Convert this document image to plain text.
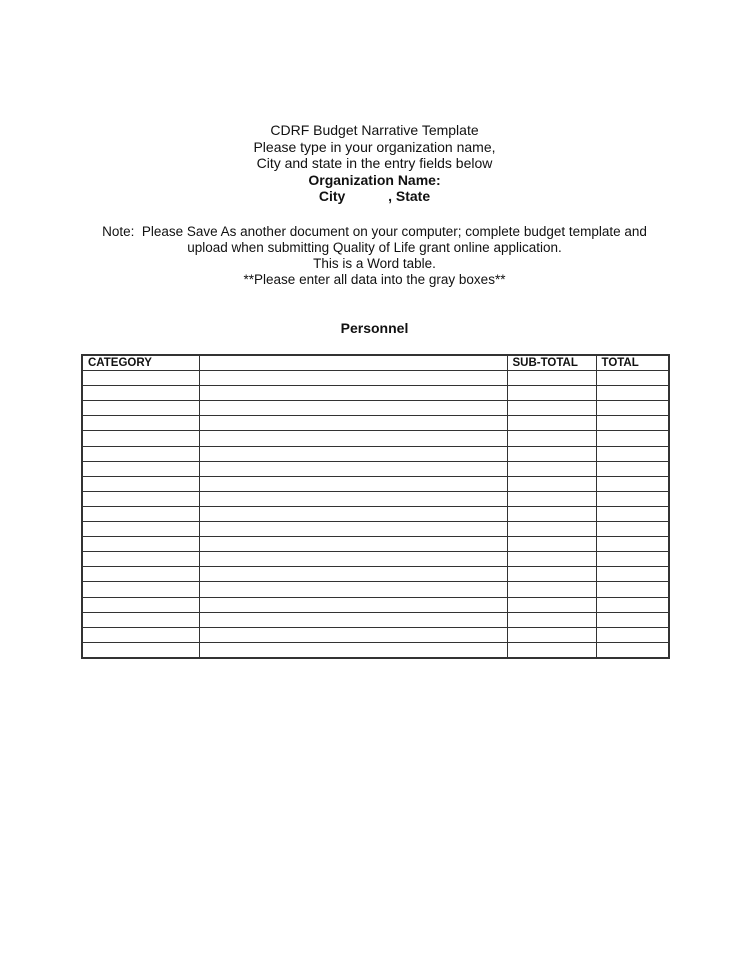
CDRF Budget Narrative Template
Please type in your organization name,
City and state in the entry fields below
Organization Name:
City	, State
Note:  Please Save As another document on your computer; complete budget template and
upload when submitting Quality of Life grant online application.
This is a Word table.
**Please enter all data into the gray boxes**
Personnel
CATEGORY		SUB-TOTAL	TOTAL
